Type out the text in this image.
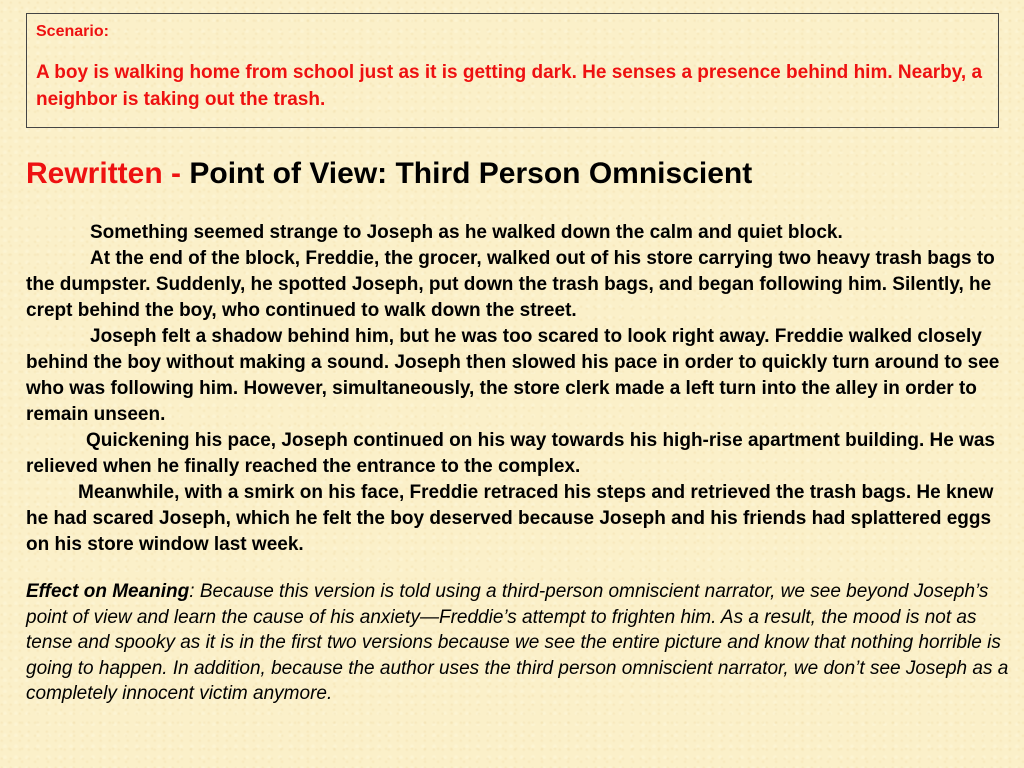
Scenario:
A boy is walking home from school just as it is getting dark. He senses a presence behind him. Nearby, a neighbor is taking out the trash.
Rewritten - Point of View: Third Person Omniscient

Something seemed strange to Joseph as he walked down the calm and quiet block.

At the end of the block, Freddie, the grocer, walked out of his store carrying two heavy trash bags to the dumpster. Suddenly, he spotted Joseph, put down the trash bags, and began following him. Silently, he crept behind the boy, who continued to walk down the street.

Joseph felt a shadow behind him, but he was too scared to look right away. Freddie walked closely behind the boy without making a sound. Joseph then slowed his pace in order to quickly turn around to see who was following him. However, simultaneously, the store clerk made a left turn into the alley in order to remain unseen.

Quickening his pace, Joseph continued on his way towards his high-rise apartment building. He was relieved when he finally reached the entrance to the complex.

Meanwhile, with a smirk on his face, Freddie retraced his steps and retrieved the trash bags. He knew he had scared Joseph, which he felt the boy deserved because Joseph and his friends had splattered eggs on his store window last week.

Effect on Meaning: Because this version is told using a third-person omniscient narrator, we see beyond Joseph’s point of view and learn the cause of his anxiety—Freddie’s attempt to frighten him. As a result, the mood is not as tense and spooky as it is in the first two versions because we see the entire picture and know that nothing horrible is going to happen. In addition, because the author uses the third person omniscient narrator, we don’t see Joseph as a completely innocent victim anymore.
